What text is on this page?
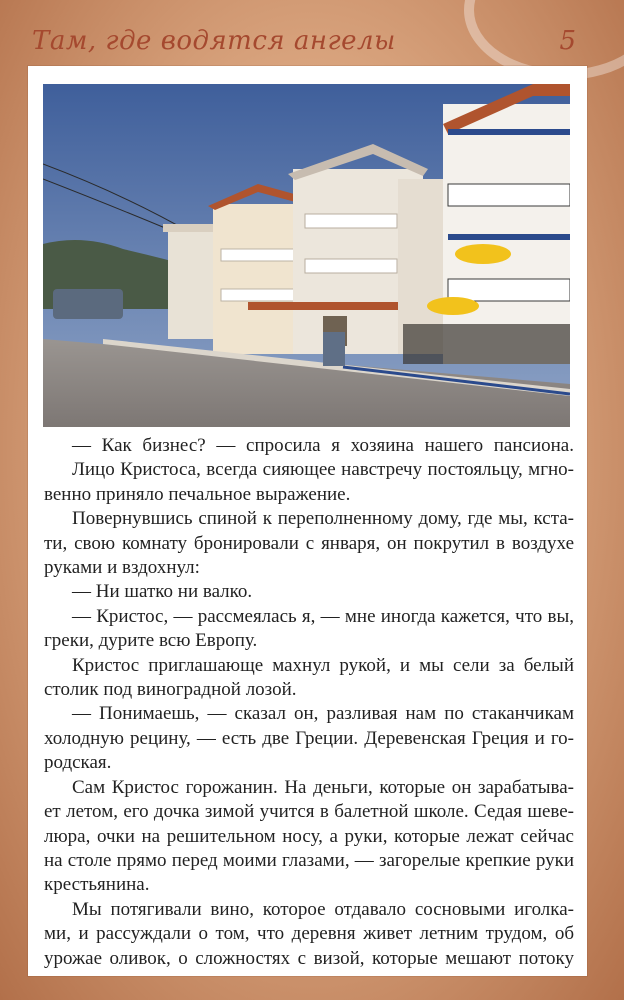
Там, где водятся ангелы	5
— Как бизнес? — спросила я хозяина нашего пансиона.
Лицо Кристоса, всегда сияющее навстречу постояльцу, мгно-
венно приняло печальное выражение.
Повернувшись спиной к переполненному дому, где мы, кста-
ти, свою комнату бронировали с января, он покрутил в воздухе
руками и вздохнул:
— Ни шатко ни валко.
— Кристос, — рассмеялась я, — мне иногда кажется, что вы,
греки, дурите всю Европу.
Кристос приглашающе махнул рукой, и мы сели за белый
столик под виноградной лозой.
— Понимаешь, — сказал он, разливая нам по стаканчикам
холодную рецину, — есть две Греции. Деревенская Греция и го-
родская.
Сам Кристос горожанин. На деньги, которые он зарабатыва-
ет летом, его дочка зимой учится в балетной школе. Седая шеве-
люра, очки на решительном носу, а руки, которые лежат сейчас
на столе прямо перед моими глазами, — загорелые крепкие руки
крестьянина.
Мы потягивали вино, которое отдавало сосновыми иголка-
ми, и рассуждали о том, что деревня живет летним трудом, об
урожае оливок, о сложностях с визой, которые мешают потоку
